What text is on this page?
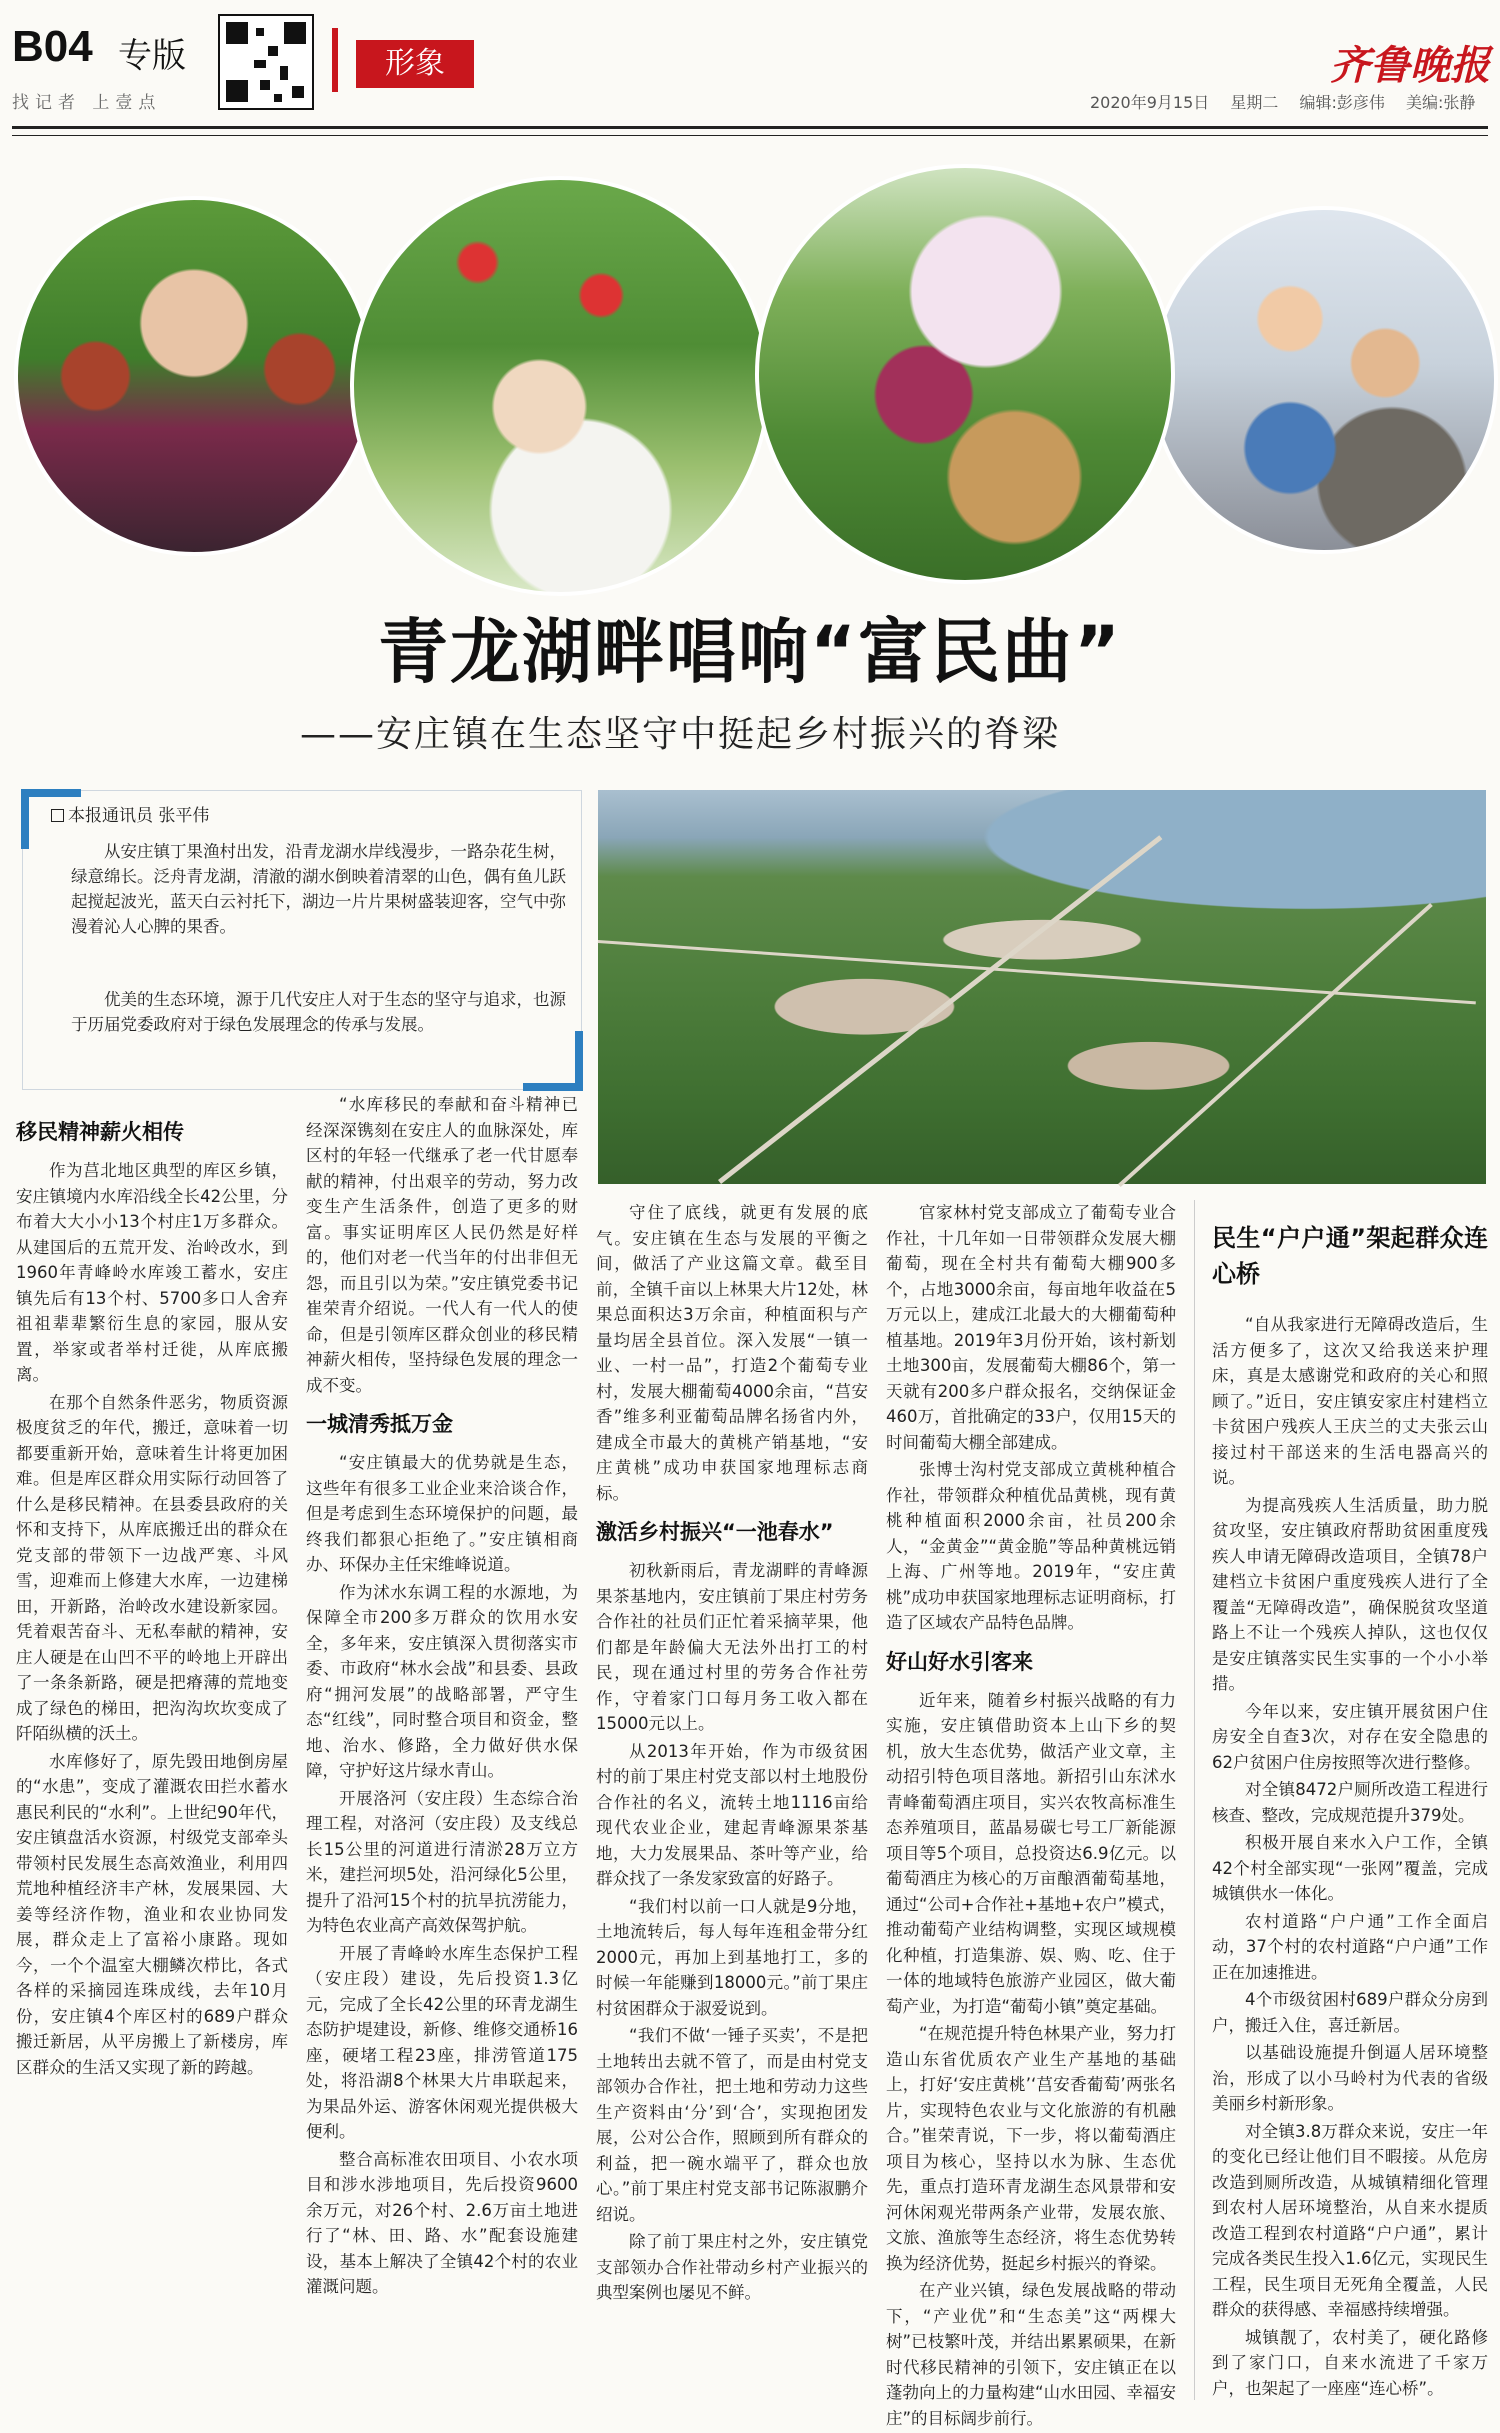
B04 专版	形象
找记者 上壹点
齐鲁晚报
2020年9月15日 星期二 编辑:彭彦伟 美编:张静
青龙湖畔唱响“富民曲”
——安庄镇在生态坚守中挺起乡村振兴的脊梁
本报通讯员 张平伟

从安庄镇丁果渔村出发，沿青龙湖水岸线漫步，一路杂花生树，绿意绵长。泛舟青龙湖，清澈的湖水倒映着清翠的山色，偶有鱼儿跃起搅起波光，蓝天白云衬托下，湖边一片片果树盛装迎客，空气中弥漫着沁人心脾的果香。

优美的生态环境，源于几代安庄人对于生态的坚守与追求，也源于历届党委政府对于绿色发展理念的传承与发展。

移民精神薪火相传

作为莒北地区典型的库区乡镇，安庄镇境内水库沿线全长42公里，分布着大大小小13个村庄1万多群众。从建国后的五荒开发、治岭改水，到1960年青峰岭水库竣工蓄水，安庄镇先后有13个村、5700多口人舍弃祖祖辈辈繁衍生息的家园，服从安置，举家或者举村迁徙，从库底搬离。

在那个自然条件恶劣，物质资源极度贫乏的年代，搬迁，意味着一切都要重新开始，意味着生计将更加困难。但是库区群众用实际行动回答了什么是移民精神。在县委县政府的关怀和支持下，从库底搬迁出的群众在党支部的带领下一边战严寒、斗风雪，迎难而上修建大水库，一边建梯田，开新路，治岭改水建设新家园。凭着艰苦奋斗、无私奉献的精神，安庄人硬是在山凹不平的岭地上开辟出了一条条新路，硬是把瘠薄的荒地变成了绿色的梯田，把沟沟坎坎变成了阡陌纵横的沃土。

水库修好了，原先毁田地倒房屋的“水患”，变成了灌溉农田拦水蓄水惠民利民的“水利”。上世纪90年代，安庄镇盘活水资源，村级党支部牵头带领村民发展生态高效渔业，利用四荒地种植经济丰产林，发展果园、大姜等经济作物，渔业和农业协同发展，群众走上了富裕小康路。现如今，一个个温室大棚鳞次栉比，各式各样的采摘园连珠成线，去年10月份，安庄镇4个库区村的689户群众搬迁新居，从平房搬上了新楼房，库区群众的生活又实现了新的跨越。

“水库移民的奉献和奋斗精神已经深深镌刻在安庄人的血脉深处，库区村的年轻一代继承了老一代甘愿奉献的精神，付出艰辛的劳动，努力改变生产生活条件，创造了更多的财富。事实证明库区人民仍然是好样的，他们对老一代当年的付出非但无怨，而且引以为荣。”安庄镇党委书记崔荣青介绍说。一代人有一代人的使命，但是引领库区群众创业的移民精神薪火相传，坚持绿色发展的理念一成不变。

一城清秀抵万金

“安庄镇最大的优势就是生态，这些年有很多工业企业来洽谈合作，但是考虑到生态环境保护的问题，最终我们都狠心拒绝了。”安庄镇相商办、环保办主任宋维峰说道。

作为沭水东调工程的水源地，为保障全市200多万群众的饮用水安全，多年来，安庄镇深入贯彻落实市委、市政府“林水会战”和县委、县政府“拥河发展”的战略部署，严守生态“红线”，同时整合项目和资金，整地、治水、修路，全力做好供水保障，守护好这片绿水青山。

开展洛河（安庄段）生态综合治理工程，对洛河（安庄段）及支线总长15公里的河道进行清淤28万立方米，建拦河坝5处，沿河绿化5公里，提升了沿河15个村的抗旱抗涝能力，为特色农业高产高效保驾护航。

开展了青峰岭水库生态保护工程（安庄段）建设，先后投资1.3亿元，完成了全长42公里的环青龙湖生态防护堤建设，新修、维修交通桥16座，硬堵工程23座，排涝管道175处，将沿湖8个林果大片串联起来，为果品外运、游客休闲观光提供极大便利。

整合高标准农田项目、小农水项目和涉水涉地项目，先后投资9600余万元，对26个村、2.6万亩土地进行了“林、田、路、水”配套设施建设，基本上解决了全镇42个村的农业灌溉问题。

守住了底线，就更有发展的底气。安庄镇在生态与发展的平衡之间，做活了产业这篇文章。截至目前，全镇千亩以上林果大片12处，林果总面积达3万余亩，种植面积与产量均居全县首位。深入发展“一镇一业、一村一品”，打造2个葡萄专业村，发展大棚葡萄4000余亩，“莒安香”维多利亚葡萄品牌名扬省内外，建成全市最大的黄桃产销基地，“安庄黄桃”成功申获国家地理标志商标。

激活乡村振兴“一池春水”

初秋新雨后，青龙湖畔的青峰源果茶基地内，安庄镇前丁果庄村劳务合作社的社员们正忙着采摘苹果，他们都是年龄偏大无法外出打工的村民，现在通过村里的劳务合作社劳作，守着家门口每月务工收入都在15000元以上。

从2013年开始，作为市级贫困村的前丁果庄村党支部以村土地股份合作社的名义，流转土地1116亩给现代农业企业，建起青峰源果茶基地，大力发展果品、茶叶等产业，给群众找了一条发家致富的好路子。

“我们村以前一口人就是9分地，土地流转后，每人每年连租金带分红2000元，再加上到基地打工，多的时候一年能赚到18000元。”前丁果庄村贫困群众于淑爱说到。

“我们不做‘一锤子买卖’，不是把土地转出去就不管了，而是由村党支部领办合作社，把土地和劳动力这些生产资料由‘分’到‘合’，实现抱团发展，公对公合作，照顾到所有群众的利益，把一碗水端平了，群众也放心。”前丁果庄村党支部书记陈淑鹏介绍说。

除了前丁果庄村之外，安庄镇党支部领办合作社带动乡村产业振兴的典型案例也屡见不鲜。

官家林村党支部成立了葡萄专业合作社，十几年如一日带领群众发展大棚葡萄，现在全村共有葡萄大棚900多个，占地3000余亩，每亩地年收益在5万元以上，建成江北最大的大棚葡萄种植基地。2019年3月份开始，该村新划土地300亩，发展葡萄大棚86个，第一天就有200多户群众报名，交纳保证金460万，首批确定的33户，仅用15天的时间葡萄大棚全部建成。

张博士沟村党支部成立黄桃种植合作社，带领群众种植优品黄桃，现有黄桃种植面积2000余亩，社员200余人，“金黄金”“黄金脆”等品种黄桃远销上海、广州等地。2019年，“安庄黄桃”成功申获国家地理标志证明商标，打造了区域农产品特色品牌。

好山好水引客来

近年来，随着乡村振兴战略的有力实施，安庄镇借助资本上山下乡的契机，放大生态优势，做活产业文章，主动招引特色项目落地。新招引山东沭水青峰葡萄酒庄项目，实兴农牧高标准生态养殖项目，蓝晶易碳七号工厂新能源项目等5个项目，总投资达6.9亿元。以葡萄酒庄为核心的万亩酿酒葡萄基地，通过“公司+合作社+基地+农户”模式，推动葡萄产业结构调整，实现区域规模化种植，打造集游、娱、购、吃、住于一体的地域特色旅游产业园区，做大葡萄产业，为打造“葡萄小镇”奠定基础。

“在规范提升特色林果产业，努力打造山东省优质农产业生产基地的基础上，打好‘安庄黄桃’‘莒安香葡萄’两张名片，实现特色农业与文化旅游的有机融合。”崔荣青说，下一步，将以葡萄酒庄项目为核心，坚持以水为脉、生态优先，重点打造环青龙湖生态风景带和安河休闲观光带两条产业带，发展农旅、文旅、渔旅等生态经济，将生态优势转换为经济优势，挺起乡村振兴的脊梁。

在产业兴镇，绿色发展战略的带动下，“产业优”和“生态美”这“两棵大树”已枝繁叶茂，并结出累累硕果，在新时代移民精神的引领下，安庄镇正在以蓬勃向上的力量构建“山水田园、幸福安庄”的目标阔步前行。

民生“户户通”架起群众连心桥

“自从我家进行无障碍改造后，生活方便多了，这次又给我送来护理床，真是太感谢党和政府的关心和照顾了。”近日，安庄镇安家庄村建档立卡贫困户残疾人王庆兰的丈夫张云山接过村干部送来的生活电器高兴的说。

为提高残疾人生活质量，助力脱贫攻坚，安庄镇政府帮助贫困重度残疾人申请无障碍改造项目，全镇78户建档立卡贫困户重度残疾人进行了全覆盖“无障碍改造”，确保脱贫攻坚道路上不让一个残疾人掉队，这也仅仅是安庄镇落实民生实事的一个小小举措。

今年以来，安庄镇开展贫困户住房安全自查3次，对存在安全隐患的62户贫困户住房按照等次进行整修。

对全镇8472户厕所改造工程进行核查、整改，完成规范提升379处。

积极开展自来水入户工作，全镇42个村全部实现“一张网”覆盖，完成城镇供水一体化。

农村道路“户户通”工作全面启动，37个村的农村道路“户户通”工作正在加速推进。

4个市级贫困村689户群众分房到户，搬迁入住，喜迁新居。

以基础设施提升倒逼人居环境整治，形成了以小马岭村为代表的省级美丽乡村新形象。

对全镇3.8万群众来说，安庄一年的变化已经让他们目不暇接。从危房改造到厕所改造，从城镇精细化管理到农村人居环境整治，从自来水提质改造工程到农村道路“户户通”，累计完成各类民生投入1.6亿元，实现民生工程，民生项目无死角全覆盖，人民群众的获得感、幸福感持续增强。

城镇靓了，农村美了，硬化路修到了家门口，自来水流进了千家万户，也架起了一座座“连心桥”。
